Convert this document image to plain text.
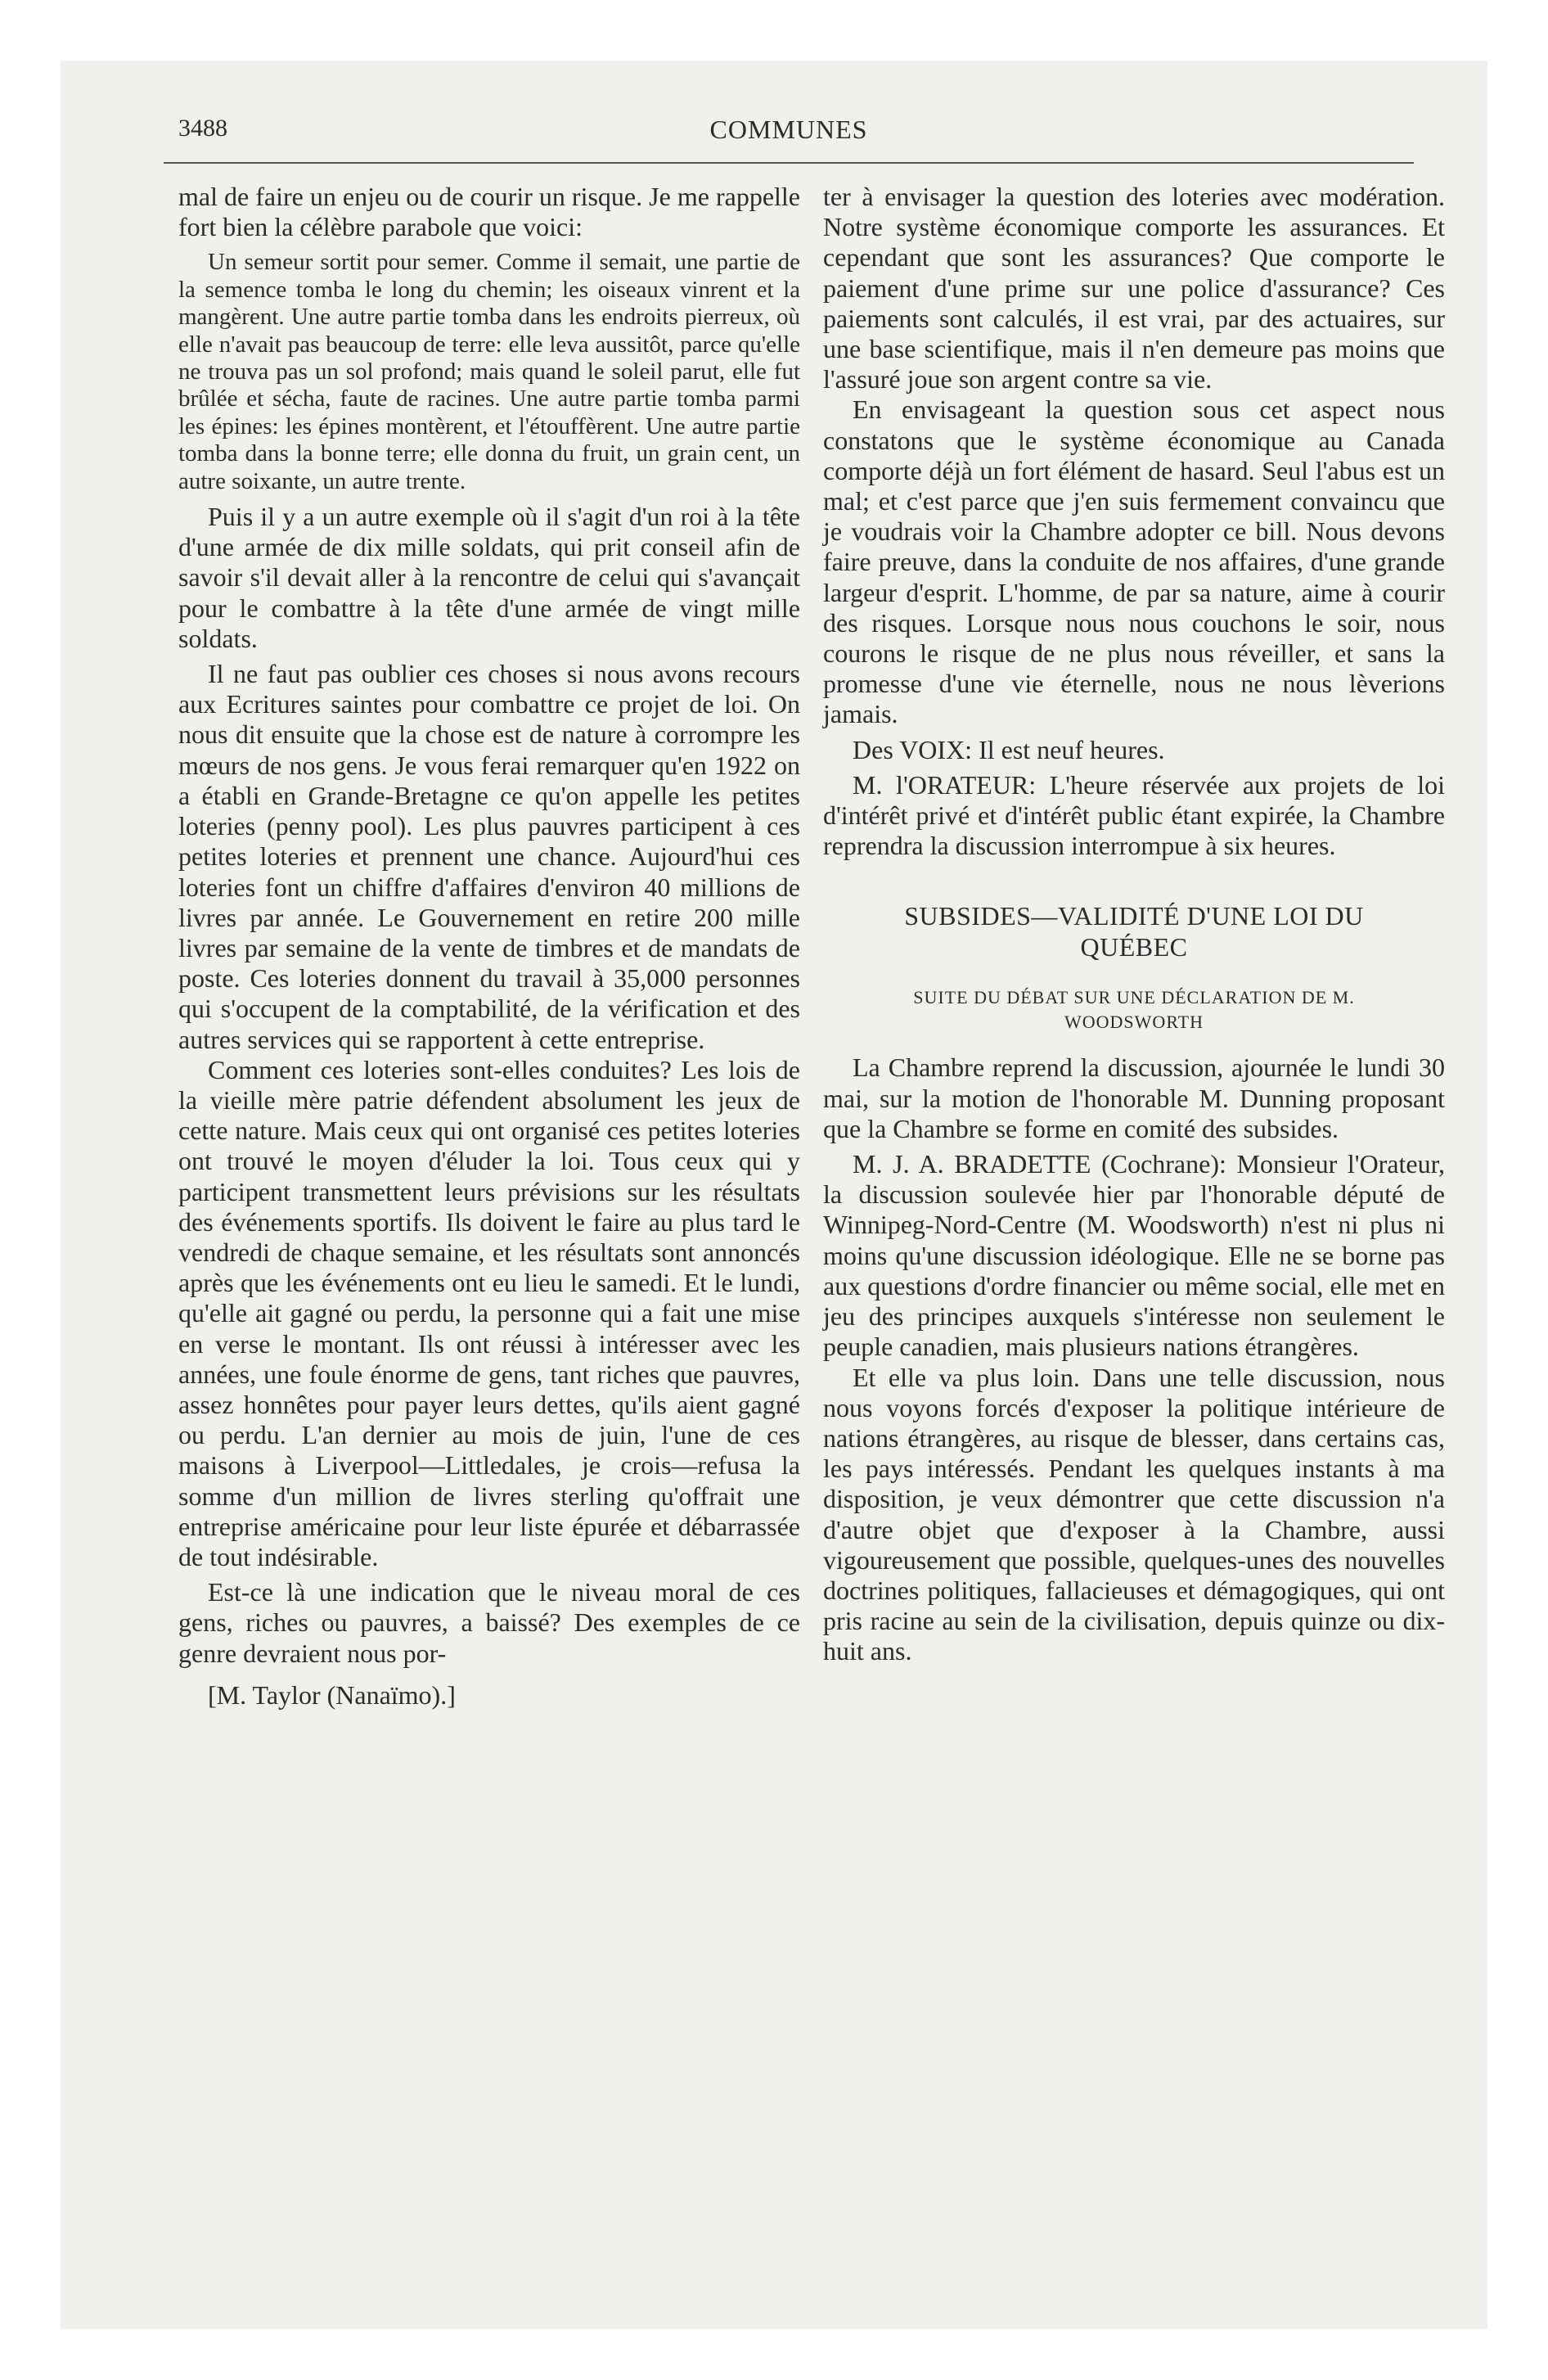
3488	COMMUNES

mal de faire un enjeu ou de courir un risque. Je me rappelle fort bien la célèbre parabole que voici:

Un semeur sortit pour semer. Comme il semait, une partie de la semence tomba le long du chemin; les oiseaux vinrent et la mangèrent. Une autre partie tomba dans les endroits pierreux, où elle n'avait pas beaucoup de terre: elle leva aussitôt, parce qu'elle ne trouva pas un sol profond; mais quand le soleil parut, elle fut brûlée et sécha, faute de racines. Une autre partie tomba parmi les épines: les épines montèrent, et l'étouffèrent. Une autre partie tomba dans la bonne terre; elle donna du fruit, un grain cent, un autre soixante, un autre trente.

Puis il y a un autre exemple où il s'agit d'un roi à la tête d'une armée de dix mille soldats, qui prit conseil afin de savoir s'il devait aller à la rencontre de celui qui s'avançait pour le combattre à la tête d'une armée de vingt mille soldats.

Il ne faut pas oublier ces choses si nous avons recours aux Ecritures saintes pour combattre ce projet de loi. On nous dit ensuite que la chose est de nature à corrompre les mœurs de nos gens. Je vous ferai remarquer qu'en 1922 on a établi en Grande-Bretagne ce qu'on appelle les petites loteries (penny pool). Les plus pauvres participent à ces petites loteries et prennent une chance. Aujourd'hui ces loteries font un chiffre d'affaires d'environ 40 millions de livres par année. Le Gouvernement en retire 200 mille livres par semaine de la vente de timbres et de mandats de poste. Ces loteries donnent du travail à 35,000 personnes qui s'occupent de la comptabilité, de la vérification et des autres services qui se rapportent à cette entreprise.

Comment ces loteries sont-elles conduites? Les lois de la vieille mère patrie défendent absolument les jeux de cette nature. Mais ceux qui ont organisé ces petites loteries ont trouvé le moyen d'éluder la loi. Tous ceux qui y participent transmettent leurs prévisions sur les résultats des événements sportifs. Ils doivent le faire au plus tard le vendredi de chaque semaine, et les résultats sont annoncés après que les événements ont eu lieu le samedi. Et le lundi, qu'elle ait gagné ou perdu, la personne qui a fait une mise en verse le montant. Ils ont réussi à intéresser avec les années, une foule énorme de gens, tant riches que pauvres, assez honnêtes pour payer leurs dettes, qu'ils aient gagné ou perdu. L'an dernier au mois de juin, l'une de ces maisons à Liverpool—Littledales, je crois—refusa la somme d'un million de livres sterling qu'offrait une entreprise américaine pour leur liste épurée et débarrassée de tout indésirable.

Est-ce là une indication que le niveau moral de ces gens, riches ou pauvres, a baissé? Des exemples de ce genre devraient nous por-

[M. Taylor (Nanaïmo).]

ter à envisager la question des loteries avec modération. Notre système économique comporte les assurances. Et cependant que sont les assurances? Que comporte le paiement d'une prime sur une police d'assurance? Ces paiements sont calculés, il est vrai, par des actuaires, sur une base scientifique, mais il n'en demeure pas moins que l'assuré joue son argent contre sa vie.

En envisageant la question sous cet aspect nous constatons que le système économique au Canada comporte déjà un fort élément de hasard. Seul l'abus est un mal; et c'est parce que j'en suis fermement convaincu que je voudrais voir la Chambre adopter ce bill. Nous devons faire preuve, dans la conduite de nos affaires, d'une grande largeur d'esprit. L'homme, de par sa nature, aime à courir des risques. Lorsque nous nous couchons le soir, nous courons le risque de ne plus nous réveiller, et sans la promesse d'une vie éternelle, nous ne nous lèverions jamais.

Des VOIX: Il est neuf heures.

M. l'ORATEUR: L'heure réservée aux projets de loi d'intérêt privé et d'intérêt public étant expirée, la Chambre reprendra la discussion interrompue à six heures.

SUBSIDES—VALIDITÉ D'UNE LOI DU QUÉBEC

SUITE DU DÉBAT SUR UNE DÉCLARATION DE M. WOODSWORTH

La Chambre reprend la discussion, ajournée le lundi 30 mai, sur la motion de l'honorable M. Dunning proposant que la Chambre se forme en comité des subsides.

M. J. A. BRADETTE (Cochrane): Monsieur l'Orateur, la discussion soulevée hier par l'honorable député de Winnipeg-Nord-Centre (M. Woodsworth) n'est ni plus ni moins qu'une discussion idéologique. Elle ne se borne pas aux questions d'ordre financier ou même social, elle met en jeu des principes auxquels s'intéresse non seulement le peuple canadien, mais plusieurs nations étrangères.

Et elle va plus loin. Dans une telle discussion, nous nous voyons forcés d'exposer la politique intérieure de nations étrangères, au risque de blesser, dans certains cas, les pays intéressés. Pendant les quelques instants à ma disposition, je veux démontrer que cette discussion n'a d'autre objet que d'exposer à la Chambre, aussi vigoureusement que possible, quelques-unes des nouvelles doctrines politiques, fallacieuses et démagogiques, qui ont pris racine au sein de la civilisation, depuis quinze ou dix-huit ans.
